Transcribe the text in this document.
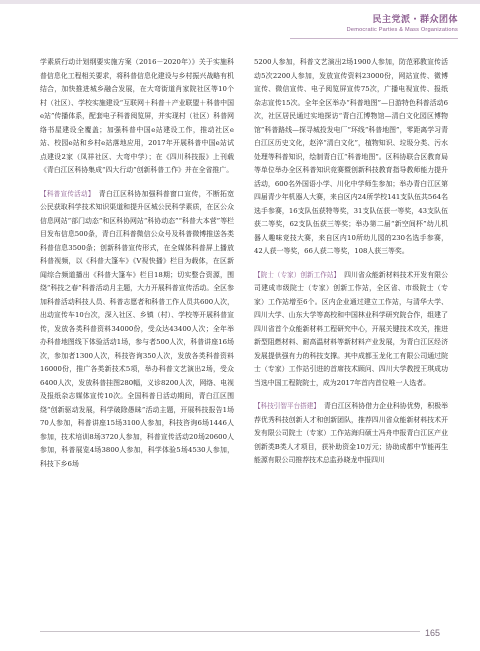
民主党派・群众团体
Democratic Parties & Mass Organizations

学素质行动计划纲要实施方案（2016－2020年）》关于实施科普信息化工程相关要求，将科普信息化建设与乡村振兴战略有机结合，加快推进城乡融合发展，在大弯街道肖家院社区等10个村（社区）、学校实施建设“互联网＋科普＋产业联盟＋科普中国e站”传播体系，配套电子科普阅览屏，并实现村（社区）科普网络书屋建设全覆盖；加强科普中国e站建设工作，推动社区e站、校园e站和乡村e站落地应用，2017年开展科普中国e站试点建设2家（凤祥社区、大弯中学）；在《四川科技报》上刊载《青白江区科协集成“四大行动”创新科普工作》并在全省推广。

【科普宣传活动】 青白江区科协加强科普窗口宣传，不断拓宽公民获取科学技术知识渠道和提升区城公民科学素质，在区公众信息网站“部门动态”和区科协网站“科协动态”“科普大本营”等栏目发布信息500条，青白江科普微信公众号及科普微博推送各类科普信息3500条；创新科普宣传形式，在全媒体科普屏上播放科普视频，以《科普大篷车》《V视快播》栏目为载体，在区新闻综合频道播出《科普大篷车》栏目18期；切实整合资源，围绕“科技之春”科普活动月主题，大力开展科普宣传活动。全区参加科普活动科技人员、科普志愿者和科普工作人员共600人次，出动宣传车10台次，深入社区、乡镇（村）、学校等开展科普宣传，发放各类科普资料34000份，受众达43400人次；全年举办科普地图线下体验活动1场，参与者500人次，科普讲座16场次，参加者1300人次，科技咨询350人次，发放各类科普资料16000份，推广各类新技术5项，举办科普文艺演出2场，受众6400人次，发放科普挂图280幅，义诊8200人次，网络、电视及报纸杂志媒体宣传10次。全国科普日活动期间，青白江区围绕“创新驱动发展，科学破除愚昧”活动主题，开展科技报告1场70人参加，科普讲座15场3100人参加，科技咨询6场1446人参加，技术培训8场3720人参加，科普宣传活动20场20600人参加，科普展览4场3800人参加，科学体验5场4530人参加，科技下乡6场

5200人参加，科普文艺演出2场1900人参加，防范邪教宣传活动5次2200人参加，发放宣传资料23000份，网站宣传、微博宣传、微信宣传、电子阅览屏宣传75次，广播电视宣传、报纸杂志宣传15次。全年全区举办“科普地图”—日游特色科普活动6次，社区居民通过实地探访“青白江博物馆—清白文化园区博物馆”科普路线—探寻城投发电厂”环线“科普地图”，零距离学习青白江区历史文化，赵淬“清白文化”，植物知识、垃圾分类、污水处理等科普知识，绘制青白江“科普地图”。区科协联合区教育局等单位举办全区科普知识竞赛暨创新科技教育指导教师能力提升活动，600名外国语小学、川化中学师生参加；举办青白江区第四届青少年机器人大赛，来自区内24所学校141支队伍共564名选手参赛，16支队伍获特等奖，31支队伍获一等奖，43支队伍获二等奖，62支队伍获三等奖；举办第二届“新空间杯”幼儿机器人趣味竞技大赛，来自区内10所幼儿园的230名选手参赛，42人获一等奖，66人获二等奖，108人获三等奖。

【院士（专家）创新工作站】 四川省众能新材料技术开发有限公司建成市级院士（专家）创新工作站，全区省、市级院士（专家）工作站增至6个。区内企业通过建立工作站，与清华大学、四川大学、山东大学等高校和中国林业科学研究院合作，组建了四川省首个众能新材料工程研究中心，开展关键技术攻关，推进新型阻燃材料、耐高温材料等新材料产业发展，为青白江区经济发展提供强有力的科技支撑。其中成都玉龙化工有限公司通过院士（专家）工作站引进的首席技术顾问、四川大学教授王琪成功当选中国工程院院士，成为2017年首内首位唯一人选者。

【科技引智平台搭建】 青白江区科协借力企业科协优势，积极举荐优秀科技创新人才和创新团队，推荐四川省众能新材料技术开发有限公司院士（专家）工作站海归硕士冯舟申报青白江区产业创新类B类人才项目，获补助资金10万元；协助成都中节能再生能源有限公司推荐技术总监孙晓龙申报四川

165
